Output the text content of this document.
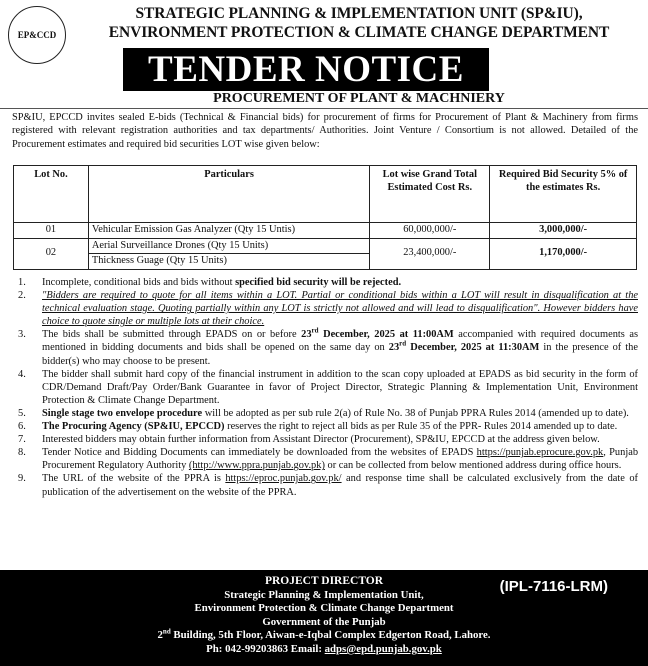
EP&CCD
STRATEGIC PLANNING & IMPLEMENTATION UNIT (SP&IU),
ENVIRONMENT PROTECTION & CLIMATE CHANGE DEPARTMENT
TENDER NOTICE
PROCUREMENT OF PLANT & MACHNIERY
SP&IU, EPCCD invites sealed E-bids (Technical & Financial bids) for procurement of firms for Procurement of Plant & Machinery from firms registered with relevant registration authorities and tax departments/ Authorities. Joint Venture / Consortium is not allowed. Detailed of the Procurement estimates and required bid securities LOT wise given below:
Lot No.	Particulars	Lot wise Grand Total Estimated Cost Rs.	Required Bid Security 5% of the estimates Rs.
01	Vehicular Emission Gas Analyzer (Qty 15 Untis)	60,000,000/-	3,000,000/-
02	Aerial Surveillance Drones (Qty 15 Units)	23,400,000/-	1,170,000/-
	Thickness Guage (Qty 15 Units)		
1.	Incomplete, conditional bids and bids without specified bid security will be rejected.
2.	"Bidders are required to quote for all items within a LOT. Partial or conditional bids within a LOT will result in disqualification at the technical evaluation stage. Quoting partially within any LOT is strictly not allowed and will lead to disqualification". However bidders have choice to quote single or multiple lots at their choice.
3.	The bids shall be submitted through EPADS on or before 23rd December, 2025 at 11:00AM accompanied with required documents as mentioned in bidding documents and bids shall be opened on the same day on 23rd December, 2025 at 11:30AM in the presence of the bidder(s) who may choose to be present.
4.	The bidder shall submit hard copy of the financial instrument in addition to the scan copy uploaded at EPADS as bid security in the form of CDR/Demand Draft/Pay Order/Bank Guarantee in favor of Project Director, Strategic Planning & Implementation Unit, Environment Protection & Climate Change Department.
5.	Single stage two envelope procedure will be adopted as per sub rule 2(a) of Rule No. 38 of Punjab PPRA Rules 2014 (amended up to date).
6.	The Procuring Agency (SP&IU, EPCCD) reserves the right to reject all bids as per Rule 35 of the PPR- Rules 2014 amended up to date.
7.	Interested bidders may obtain further information from Assistant Director (Procurement), SP&IU, EPCCD at the address given below.
8.	Tender Notice and Bidding Documents can immediately be downloaded from the websites of EPADS https://punjab.eprocure.gov.pk, Punjab Procurement Regulatory Authority (http://www.ppra.punjab.gov.pk) or can be collected from below mentioned address during office hours.
9.	The URL of the website of the PPRA is https://eproc.punjab.gov.pk/ and response time shall be calculated exclusively from the date of publication of the advertisement on the website of the PPRA.
PROJECT DIRECTOR
Strategic Planning & Implementation Unit,
Environment Protection & Climate Change Department
Government of the Punjab
2nd Building, 5th Floor, Aiwan-e-Iqbal Complex Edgerton Road, Lahore.
Ph: 042-99203863 Email: adps@epd.punjab.gov.pk
(IPL-7116-LRM)
